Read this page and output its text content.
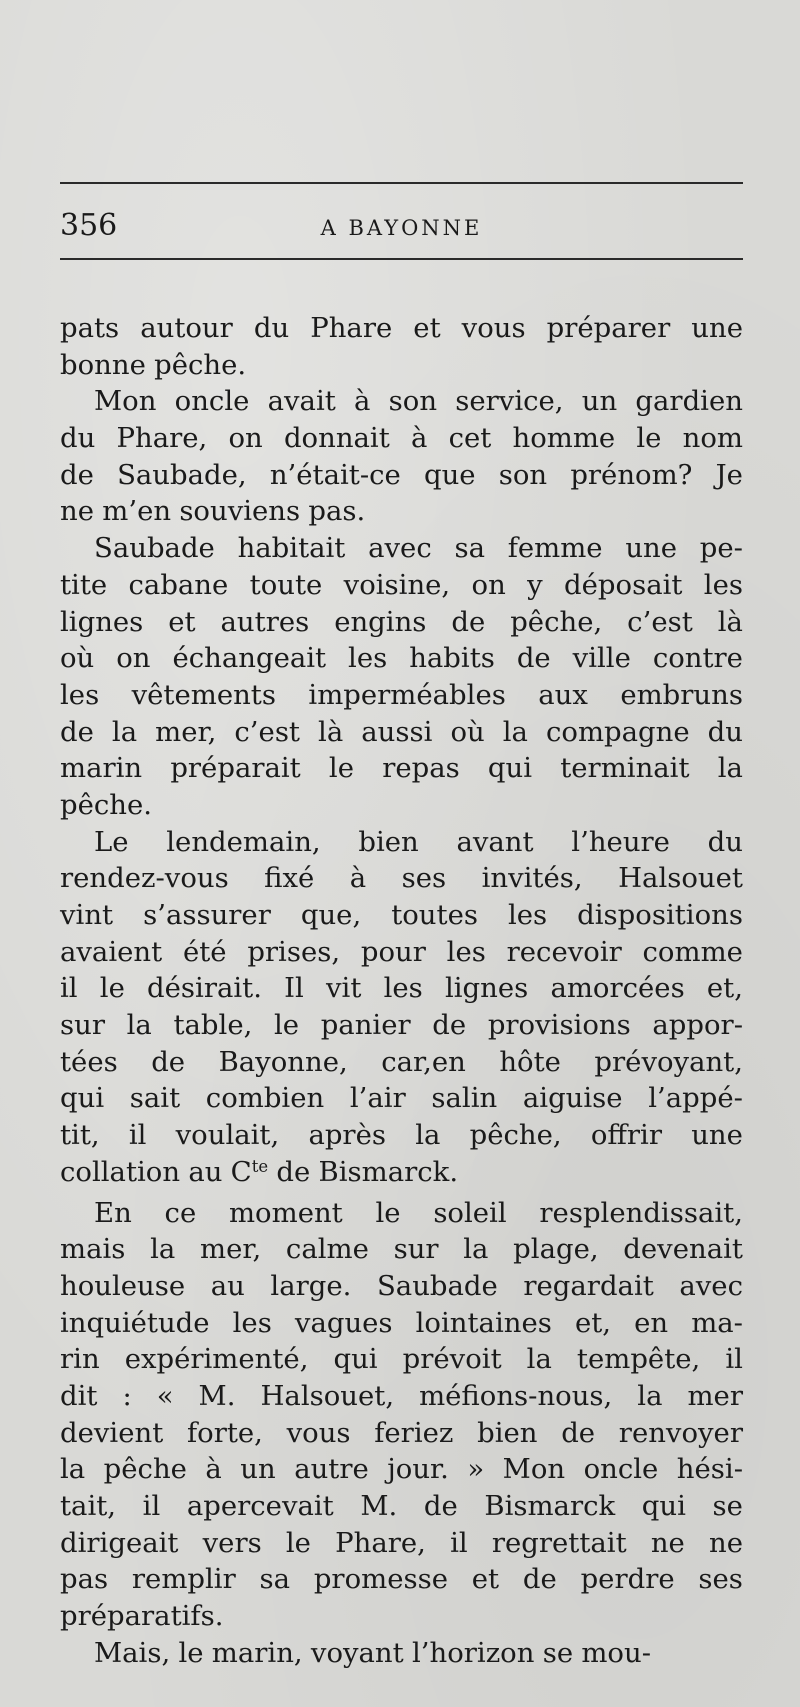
356	A BAYONNE
pats autour du Phare et vous préparer une
bonne pêche.
Mon oncle avait à son service, un gardien
du Phare, on donnait à cet homme le nom
de Saubade, n’était-ce que son prénom? Je
ne m’en souviens pas.
Saubade habitait avec sa femme une pe-
tite cabane toute voisine, on y déposait les
lignes et autres engins de pêche, c’est là
où on échangeait les habits de ville contre
les vêtements imperméables aux embruns
de la mer, c’est là aussi où la compagne du
marin préparait le repas qui terminait la
pêche.
Le lendemain, bien avant l’heure du
rendez-vous fixé à ses invités, Halsouet
vint s’assurer que, toutes les dispositions
avaient été prises, pour les recevoir comme
il le désirait. Il vit les lignes amorcées et,
sur la table, le panier de provisions appor-
tées de Bayonne, car,en hôte prévoyant,
qui sait combien l’air salin aiguise l’appé-
tit, il voulait, après la pêche, offrir une
collation au $C^{te}$ de Bismarck.
En ce moment le soleil resplendissait,
mais la mer, calme sur la plage, devenait
houleuse au large. Saubade regardait avec
inquiétude les vagues lointaines et, en ma-
rin expérimenté, qui prévoit la tempête, il
dit : « M. Halsouet, méfions-nous, la mer
devient forte, vous feriez bien de renvoyer
la pêche à un autre jour. » Mon oncle hési-
tait, il apercevait M. de Bismarck qui se
dirigeait vers le Phare, il regrettait ne ne
pas remplir sa promesse et de perdre ses
préparatifs.
Mais, le marin, voyant l’horizon se mou-
